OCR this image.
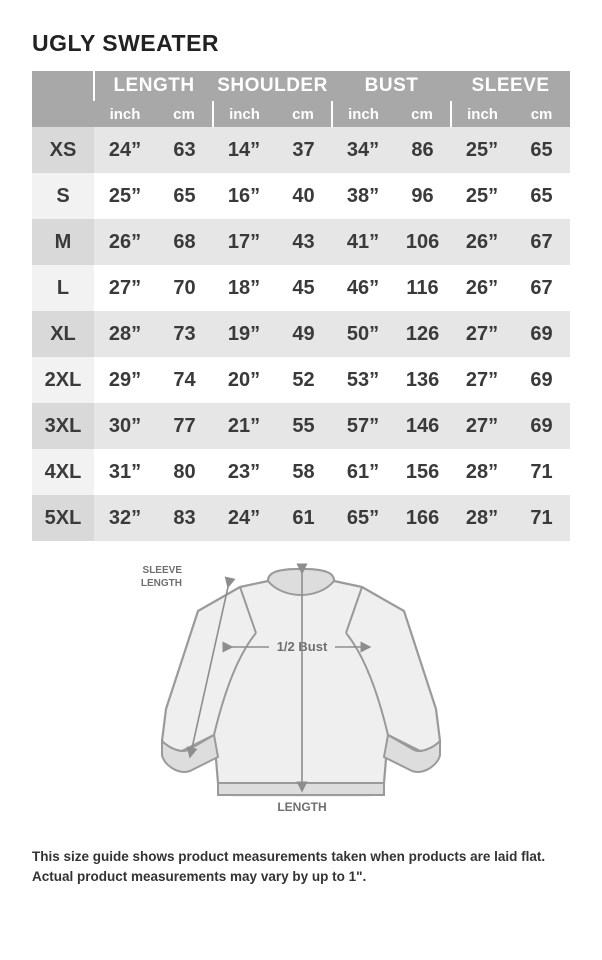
UGLY SWEATER
	LENGTH		SHOULDER		BUST		SLEEVE	
	inch	cm	inch	cm	inch	cm	inch	cm
XS	24”	63	14”	37	34”	86	25”	65
S	25”	65	16”	40	38”	96	25”	65
M	26”	68	17”	43	41”	106	26”	67
L	27”	70	18”	45	46”	116	26”	67
XL	28”	73	19”	49	50”	126	27”	69
2XL	29”	74	20”	52	53”	136	27”	69
3XL	30”	77	21”	55	57”	146	27”	69
4XL	31”	80	23”	58	61”	156	28”	71
5XL	32”	83	24”	61	65”	166	28”	71
SLEEVE
LENGTH
1/2 Bust
LENGTH
This size guide shows product measurements taken when products are laid flat.
Actual product measurements may vary by up to 1".
